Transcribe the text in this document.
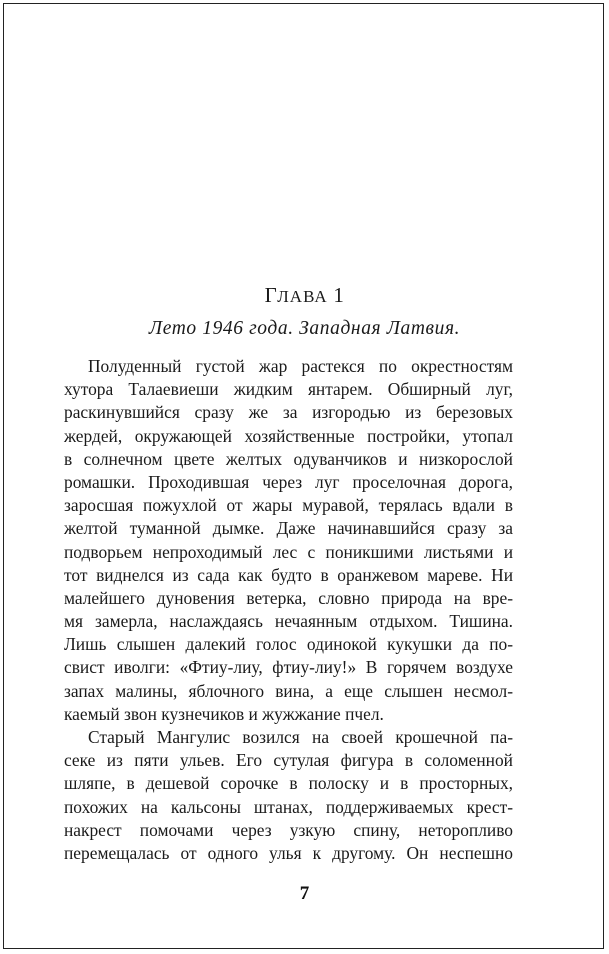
ГЛАВА 1
Лето 1946 года. Западная Латвия.
Полуденный густой жар растекся по окрестностям
хутора Талаевиеши жидким янтарем. Обширный луг,
раскинувшийся сразу же за изгородью из березовых
жердей, окружающей хозяйственные постройки, утопал
в солнечном цвете желтых одуванчиков и низкорослой
ромашки. Проходившая через луг проселочная дорога,
заросшая пожухлой от жары муравой, терялась вдали в
желтой туманной дымке. Даже начинавшийся сразу за
подворьем непроходимый лес с поникшими листьями и
тот виднелся из сада как будто в оранжевом мареве. Ни
малейшего дуновения ветерка, словно природа на вре-
мя замерла, наслаждаясь нечаянным отдыхом. Тишина.
Лишь слышен далекий голос одинокой кукушки да по-
свист иволги: «Фтиу-лиу, фтиу-лиу!» В горячем воздухе
запах малины, яблочного вина, а еще слышен несмол-
каемый звон кузнечиков и жужжание пчел.
Старый Мангулис возился на своей крошечной па-
секе из пяти ульев. Его сутулая фигура в соломенной
шляпе, в дешевой сорочке в полоску и в просторных,
похожих на кальсоны штанах, поддерживаемых крест-
накрест помочами через узкую спину, неторопливо
перемещалась от одного улья к другому. Он неспешно
7
